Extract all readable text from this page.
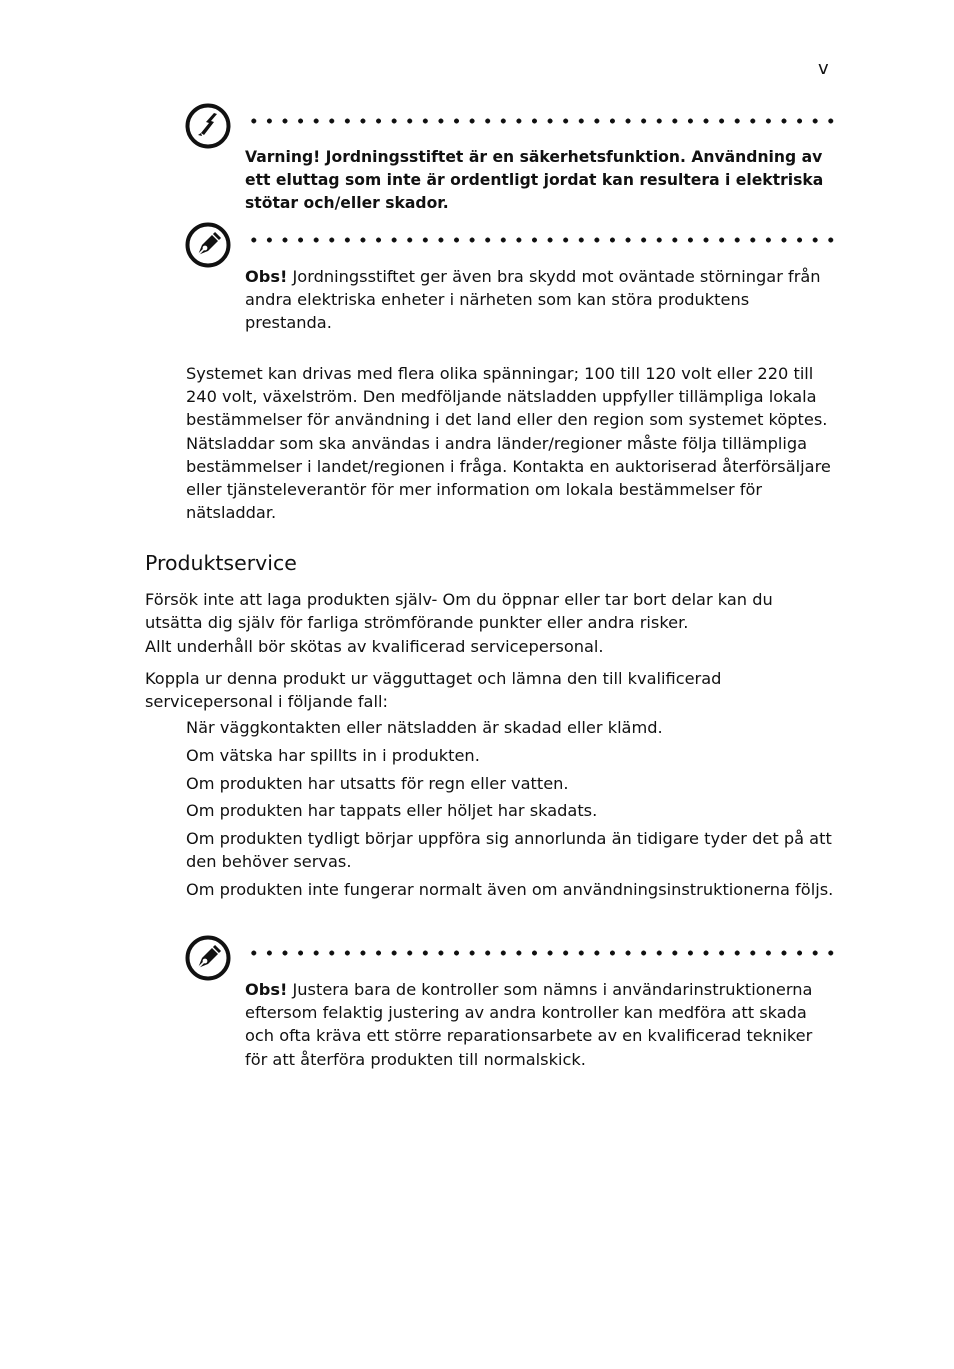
v

Varning! Jordningsstiftet är en säkerhetsfunktion. Användning av ett eluttag som inte är ordentligt jordat kan resultera i elektriska stötar och/eller skador.

Obs! Jordningsstiftet ger även bra skydd mot oväntade störningar från andra elektriska enheter i närheten som kan störa produktens prestanda.

Systemet kan drivas med flera olika spänningar; 100 till 120 volt eller 220 till 240 volt, växelström. Den medföljande nätsladden uppfyller tillämpliga lokala bestämmelser för användning i det land eller den region som systemet köptes. Nätsladdar som ska användas i andra länder/regioner måste följa tillämpliga bestämmelser i landet/regionen i fråga. Kontakta en auktoriserad återförsäljare eller tjänsteleverantör för mer information om lokala bestämmelser för nätsladdar.

Produktservice

Försök inte att laga produkten själv- Om du öppnar eller tar bort delar kan du utsätta dig själv för farliga strömförande punkter eller andra risker.

Allt underhåll bör skötas av kvalificerad servicepersonal.

Koppla ur denna produkt ur vägguttaget och lämna den till kvalificerad servicepersonal i följande fall:

När väggkontakten eller nätsladden är skadad eller klämd.
Om vätska har spillts in i produkten.
Om produkten har utsatts för regn eller vatten.
Om produkten har tappats eller höljet har skadats.
Om produkten tydligt börjar uppföra sig annorlunda än tidigare tyder det på att den behöver servas.
Om produkten inte fungerar normalt även om användningsinstruktionerna följs.

Obs! Justera bara de kontroller som nämns i användarinstruktionerna eftersom felaktig justering av andra kontroller kan medföra att skada och ofta kräva ett större reparationsarbete av en kvalificerad tekniker för att återföra produkten till normalskick.
